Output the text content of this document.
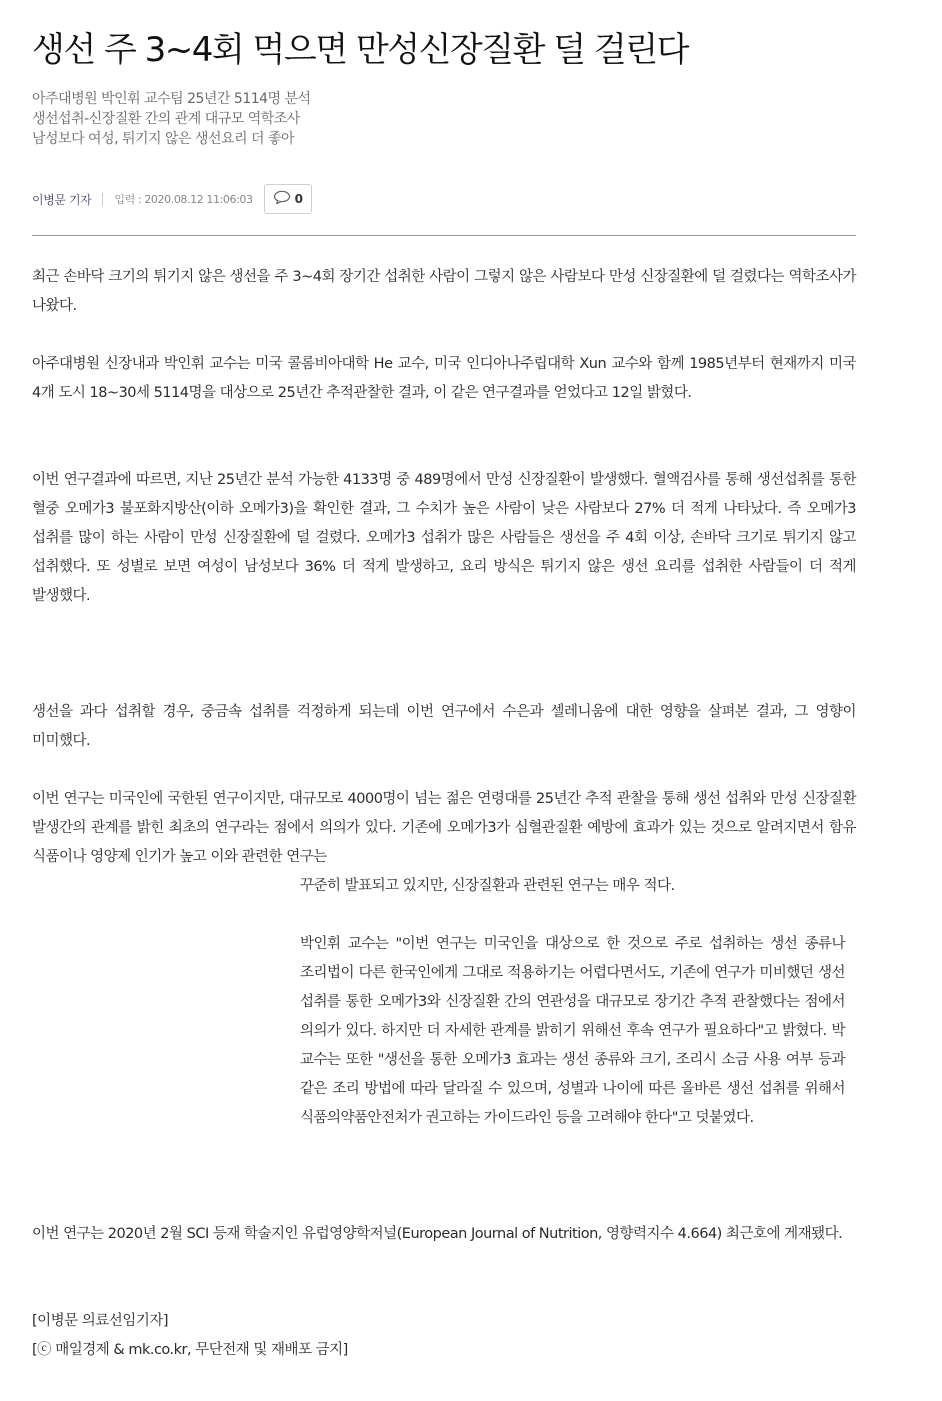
생선 주 3~4회 먹으면 만성신장질환 덜 걸린다
아주대병원 박인휘 교수팀 25년간 5114명 분석
생선섭취-신장질환 간의 관계 대규모 역학조사
남성보다 여성, 튀기지 않은 생선요리 더 좋아
이병문 기자 입력 : 2020.08.12 11:06:03	0

최근 손바닥 크기의 튀기지 않은 생선을 주 3~4회 장기간 섭취한 사람이 그렇지 않은 사람보다 만성 신장질환에 덜 걸렸다는 역학조사가 나왔다.

아주대병원 신장내과 박인휘 교수는 미국 콜롬비아대학 He 교수, 미국 인디아나주립대학 Xun 교수와 함께 1985년부터 현재까지 미국 4개 도시 18~30세 5114명을 대상으로 25년간 추적관찰한 결과, 이 같은 연구결과를 얻었다고 12일 밝혔다.

이번 연구결과에 따르면, 지난 25년간 분석 가능한 4133명 중 489명에서 만성 신장질환이 발생했다. 혈액검사를 통해 생선섭취를 통한 혈중 오메가3 불포화지방산(이하 오메가3)을 확인한 결과, 그 수치가 높은 사람이 낮은 사람보다 27% 더 적게 나타났다. 즉 오메가3 섭취를 많이 하는 사람이 만성 신장질환에 덜 걸렸다. 오메가3 섭취가 많은 사람들은 생선을 주 4회 이상, 손바닥 크기로 튀기지 않고 섭취했다. 또 성별로 보면 여성이 남성보다 36% 더 적게 발생하고, 요리 방식은 튀기지 않은 생선 요리를 섭취한 사람들이 더 적게 발생했다.

생선을 과다 섭취할 경우, 중금속 섭취를 걱정하게 되는데 이번 연구에서 수은과 셀레니움에 대한 영향을 살펴본 결과, 그 영향이 미미했다.

이번 연구는 미국인에 국한된 연구이지만, 대규모로 4000명이 넘는 젊은 연령대를 25년간 추적 관찰을 통해 생선 섭취와 만성 신장질환 발생간의 관계를 밝힌 최초의 연구라는 점에서 의의가 있다. 기존에 오메가3가 심혈관질환 예방에 효과가 있는 것으로 알려지면서 함유 식품이나 영양제 인기가 높고 이와 관련한 연구는

꾸준히 발표되고 있지만, 신장질환과 관련된 연구는 매우 적다.

박인휘 교수는 "이번 연구는 미국인을 대상으로 한 것으로 주로 섭취하는 생선 종류나 조리법이 다른 한국인에게 그대로 적용하기는 어렵다면서도, 기존에 연구가 미비했던 생선 섭취를 통한 오메가3와 신장질환 간의 연관성을 대규모로 장기간 추적 관찰했다는 점에서 의의가 있다. 하지만 더 자세한 관계를 밝히기 위해선 후속 연구가 필요하다"고 밝혔다. 박 교수는 또한 "생선을 통한 오메가3 효과는 생선 종류와 크기, 조리시 소금 사용 여부 등과 같은 조리 방법에 따라 달라질 수 있으며, 성별과 나이에 따른 올바른 생선 섭취를 위해서 식품의약품안전처가 권고하는 가이드라인 등을 고려해야 한다"고 덧붙였다.

이번 연구는 2020년 2월 SCI 등재 학술지인 유럽영양학저널(European Journal of Nutrition, 영향력지수 4.664) 최근호에 게재됐다.

[이병문 의료선임기자]
[ⓒ 매일경제 & mk.co.kr, 무단전재 및 재배포 금지]
